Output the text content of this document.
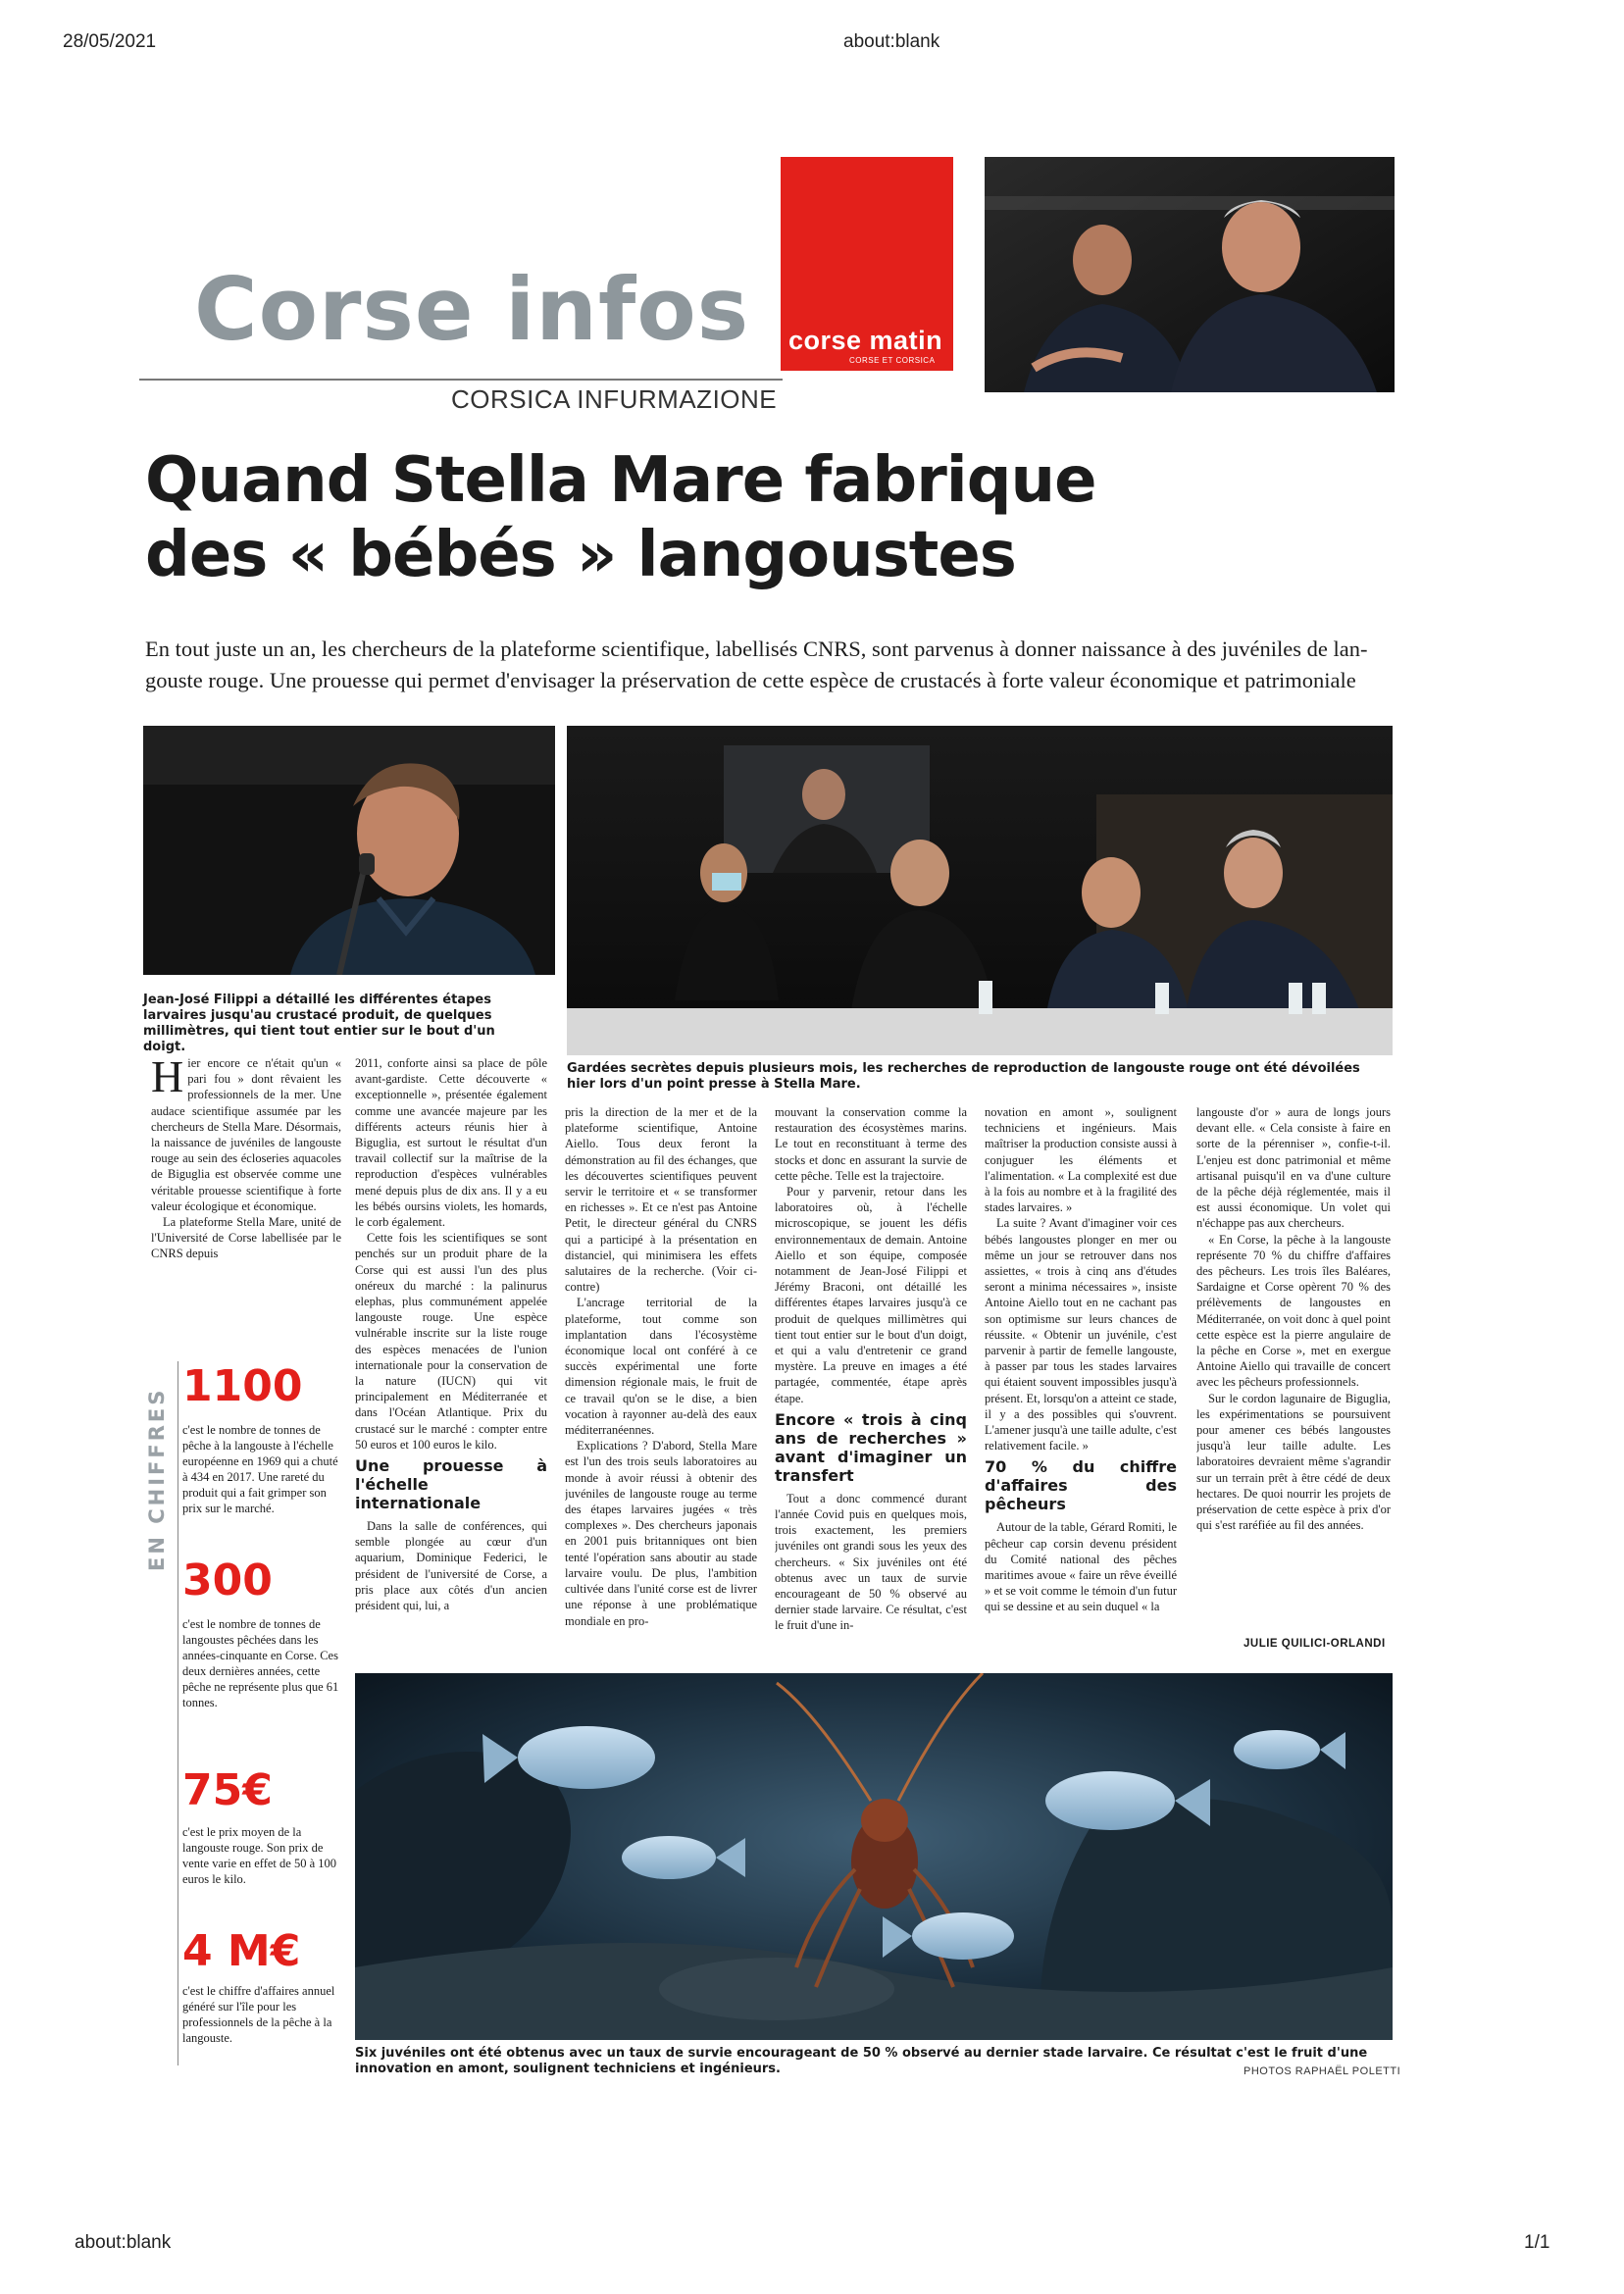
28/05/2021	about:blank
about:blank	1/1
Corse infos
CORSICA INFURMAZIONE
corse matin
CORSE ET CORSICA
Quand Stella Mare fabrique
des « bébés » langoustes
En tout juste un an, les chercheurs de la plateforme scientifique, labellisés CNRS, sont parvenus à donner naissance à des juvéniles de lan-
gouste rouge. Une prouesse qui permet d'envisager la préservation de cette espèce de crustacés à forte valeur économique et patrimoniale
Jean-José Filippi a détaillé les différentes étapes larvaires jusqu'au crustacé produit, de quelques millimètres, qui tient tout entier sur le bout d'un doigt.
Gardées secrètes depuis plusieurs mois, les recherches de reproduction de langouste rouge ont été dévoilées hier lors d'un point presse à Stella Mare.
EN CHIFFRES
1100
c'est le nombre de tonnes de pêche à la langouste à l'échelle européenne en 1969 qui a chuté à 434 en 2017. Une rareté du produit qui a fait grimper son prix sur le marché.
300
c'est le nombre de tonnes de langoustes pêchées dans les années-cinquante en Corse. Ces deux dernières années, cette pêche ne représente plus que 61 tonnes.
75€
c'est le prix moyen de la langouste rouge. Son prix de vente varie en effet de 50 à 100 euros le kilo.
4 M€
c'est le chiffre d'affaires annuel généré sur l'île pour les professionnels de la pêche à la langouste.
H ier encore ce n'était qu'un « pari fou » dont rêvaient les professionnels de la mer. Une audace scientifique assumée par les chercheurs de Stella Mare. Désormais, la naissance de juvéniles de langouste rouge au sein des écloseries aquacoles de Biguglia est observée comme une véritable prouesse scientifique à forte valeur écologique et économique.

La plateforme Stella Mare, unité de l'Université de Corse labellisée par le CNRS depuis

2011, conforte ainsi sa place de pôle avant-gardiste. Cette découverte « exceptionnelle », présentée également comme une avancée majeure par les différents acteurs réunis hier à Biguglia, est surtout le résultat d'un travail collectif sur la maîtrise de la reproduction d'espèces vulnérables mené depuis plus de dix ans. Il y a eu les bébés oursins violets, les homards, le corb également.

Cette fois les scientifiques se sont penchés sur un produit phare de la Corse qui est aussi l'un des plus onéreux du marché : la palinurus elephas, plus communément appelée langouste rouge. Une espèce vulnérable inscrite sur la liste rouge des espèces menacées de l'union internationale pour la conservation de la nature (IUCN) qui vit principalement en Méditerranée et dans l'Océan Atlantique. Prix du crustacé sur le marché : compter entre 50 euros et 100 euros le kilo.

Une prouesse à l'échelle internationale

Dans la salle de conférences, qui semble plongée au cœur d'un aquarium, Dominique Federici, le président de l'université de Corse, a pris place aux côtés d'un ancien président qui, lui, a

pris la direction de la mer et de la plateforme scientifique, Antoine Aiello. Tous deux feront la démonstration au fil des échanges, que les découvertes scientifiques peuvent servir le territoire et « se transformer en richesses ». Et ce n'est pas Antoine Petit, le directeur général du CNRS qui a participé à la présentation en distanciel, qui minimisera les effets salutaires de la recherche. (Voir ci-contre)

L'ancrage territorial de la plateforme, tout comme son implantation dans l'écosystème économique local ont conféré à ce succès expérimental une forte dimension régionale mais, le fruit de ce travail qu'on se le dise, a bien vocation à rayonner au-delà des eaux méditerranéennes.

Explications ? D'abord, Stella Mare est l'un des trois seuls laboratoires au monde à avoir réussi à obtenir des juvéniles de langouste rouge au terme des étapes larvaires jugées « très complexes ». Des chercheurs japonais en 2001 puis britanniques ont bien tenté l'opération sans aboutir au stade larvaire voulu. De plus, l'ambition cultivée dans l'unité corse est de livrer une réponse à une problématique mondiale en pro-

mouvant la conservation comme la restauration des écosystèmes marins. Le tout en reconstituant à terme des stocks et donc en assurant la survie de cette pêche. Telle est la trajectoire.

Pour y parvenir, retour dans les laboratoires où, à l'échelle microscopique, se jouent les défis environnementaux de demain. Antoine Aiello et son équipe, composée notamment de Jean-José Filippi et Jérémy Braconi, ont détaillé les différentes étapes larvaires jusqu'à ce produit de quelques millimètres qui tient tout entier sur le bout d'un doigt, et qui a valu d'entretenir ce grand mystère. La preuve en images a été partagée, commentée, étape après étape.

Encore « trois à cinq ans de recherches » avant d'imaginer un transfert

Tout a donc commencé durant l'année Covid puis en quelques mois, trois exactement, les premiers juvéniles ont grandi sous les yeux des chercheurs. « Six juvéniles ont été obtenus avec un taux de survie encourageant de 50 % observé au dernier stade larvaire. Ce résultat, c'est le fruit d'une in-

novation en amont », soulignent techniciens et ingénieurs. Mais maîtriser la production consiste aussi à conjuguer les éléments et l'alimentation. « La complexité est due à la fois au nombre et à la fragilité des stades larvaires. »

La suite ? Avant d'imaginer voir ces bébés langoustes plonger en mer ou même un jour se retrouver dans nos assiettes, « trois à cinq ans d'études seront a minima nécessaires », insiste Antoine Aiello tout en ne cachant pas son optimisme sur leurs chances de réussite. « Obtenir un juvénile, c'est parvenir à partir de femelle langouste, à passer par tous les stades larvaires qui étaient souvent impossibles jusqu'à présent. Et, lorsqu'on a atteint ce stade, il y a des possibles qui s'ouvrent. L'amener jusqu'à une taille adulte, c'est relativement facile. »

70 % du chiffre d'affaires des pêcheurs

Autour de la table, Gérard Romiti, le pêcheur cap corsin devenu président du Comité national des pêches maritimes avoue « faire un rêve éveillé » et se voit comme le témoin d'un futur qui se dessine et au sein duquel « la

langouste d'or » aura de longs jours devant elle. « Cela consiste à faire en sorte de la pérenniser », confie-t-il. L'enjeu est donc patrimonial et même artisanal puisqu'il en va d'une culture de la pêche déjà réglementée, mais il est aussi économique. Un volet qui n'échappe pas aux chercheurs.

« En Corse, la pêche à la langouste représente 70 % du chiffre d'affaires des pêcheurs. Les trois îles Baléares, Sardaigne et Corse opèrent 70 % des prélèvements de langoustes en Méditerranée, on voit donc à quel point cette espèce est la pierre angulaire de la pêche en Corse », met en exergue Antoine Aiello qui travaille de concert avec les pêcheurs professionnels.

Sur le cordon lagunaire de Biguglia, les expérimentations se poursuivent pour amener ces bébés langoustes jusqu'à leur taille adulte. Les laboratoires devraient même s'agrandir sur un terrain prêt à être cédé de deux hectares. De quoi nourrir les projets de préservation de cette espèce à prix d'or qui s'est raréfiée au fil des années.

JULIE QUILICI-ORLANDI
Six juvéniles ont été obtenus avec un taux de survie encourageant de 50 % observé au dernier stade larvaire. Ce résultat c'est le fruit d'une innovation en amont, soulignent techniciens et ingénieurs.	PHOTOS RAPHAËL POLETTI
